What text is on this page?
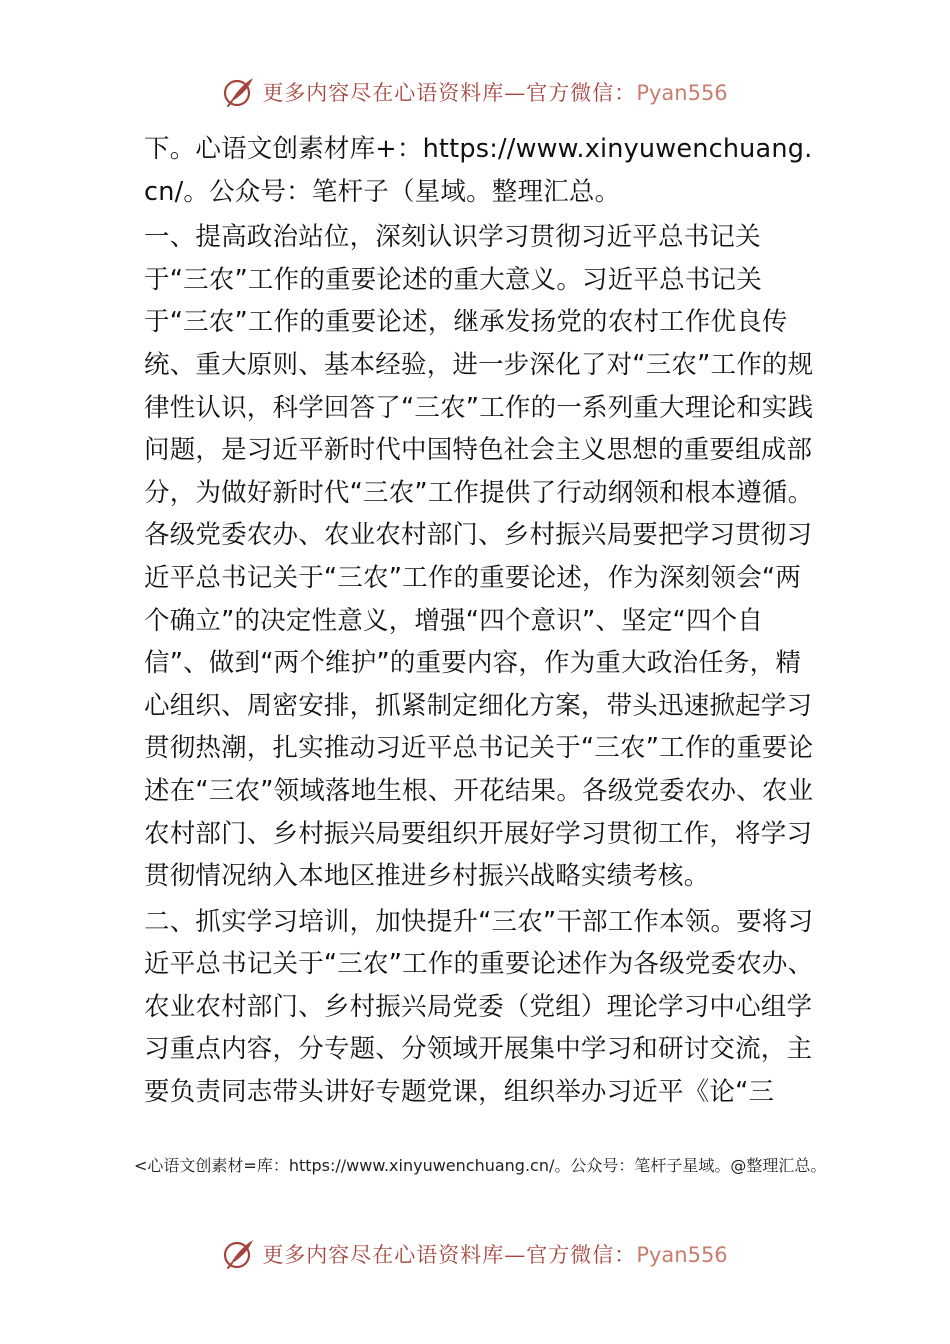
更多内容尽在心语资料库—官方微信：Pyan556

下。心语文创素材库+：https://www.xinyuwenchuang.cn/。公众号：笔杆子（星域。整理汇总。

一、提高政治站位，深刻认识学习贯彻习近平总书记关于“三农”工作的重要论述的重大意义。习近平总书记关于“三农”工作的重要论述，继承发扬党的农村工作优良传统、重大原则、基本经验，进一步深化了对“三农”工作的规律性认识，科学回答了“三农”工作的一系列重大理论和实践问题，是习近平新时代中国特色社会主义思想的重要组成部分，为做好新时代“三农”工作提供了行动纲领和根本遵循。各级党委农办、农业农村部门、乡村振兴局要把学习贯彻习近平总书记关于“三农”工作的重要论述，作为深刻领会“两个确立”的决定性意义，增强“四个意识”、坚定“四个自信”、做到“两个维护”的重要内容，作为重大政治任务，精心组织、周密安排，抓紧制定细化方案，带头迅速掀起学习贯彻热潮，扎实推动习近平总书记关于“三农”工作的重要论述在“三农”领域落地生根、开花结果。各级党委农办、农业农村部门、乡村振兴局要组织开展好学习贯彻工作，将学习贯彻情况纳入本地区推进乡村振兴战略实绩考核。

二、抓实学习培训，加快提升“三农”干部工作本领。要将习近平总书记关于“三农”工作的重要论述作为各级党委农办、农业农村部门、乡村振兴局党委（党组）理论学习中心组学习重点内容，分专题、分领域开展集中学习和研讨交流，主要负责同志带头讲好专题党课，组织举办习近平《论“三

<心语文创素材=库：https://www.xinyuwenchuang.cn/。公众号：笔杆子星域。@整理汇总。
更多内容尽在心语资料库—官方微信：Pyan556
